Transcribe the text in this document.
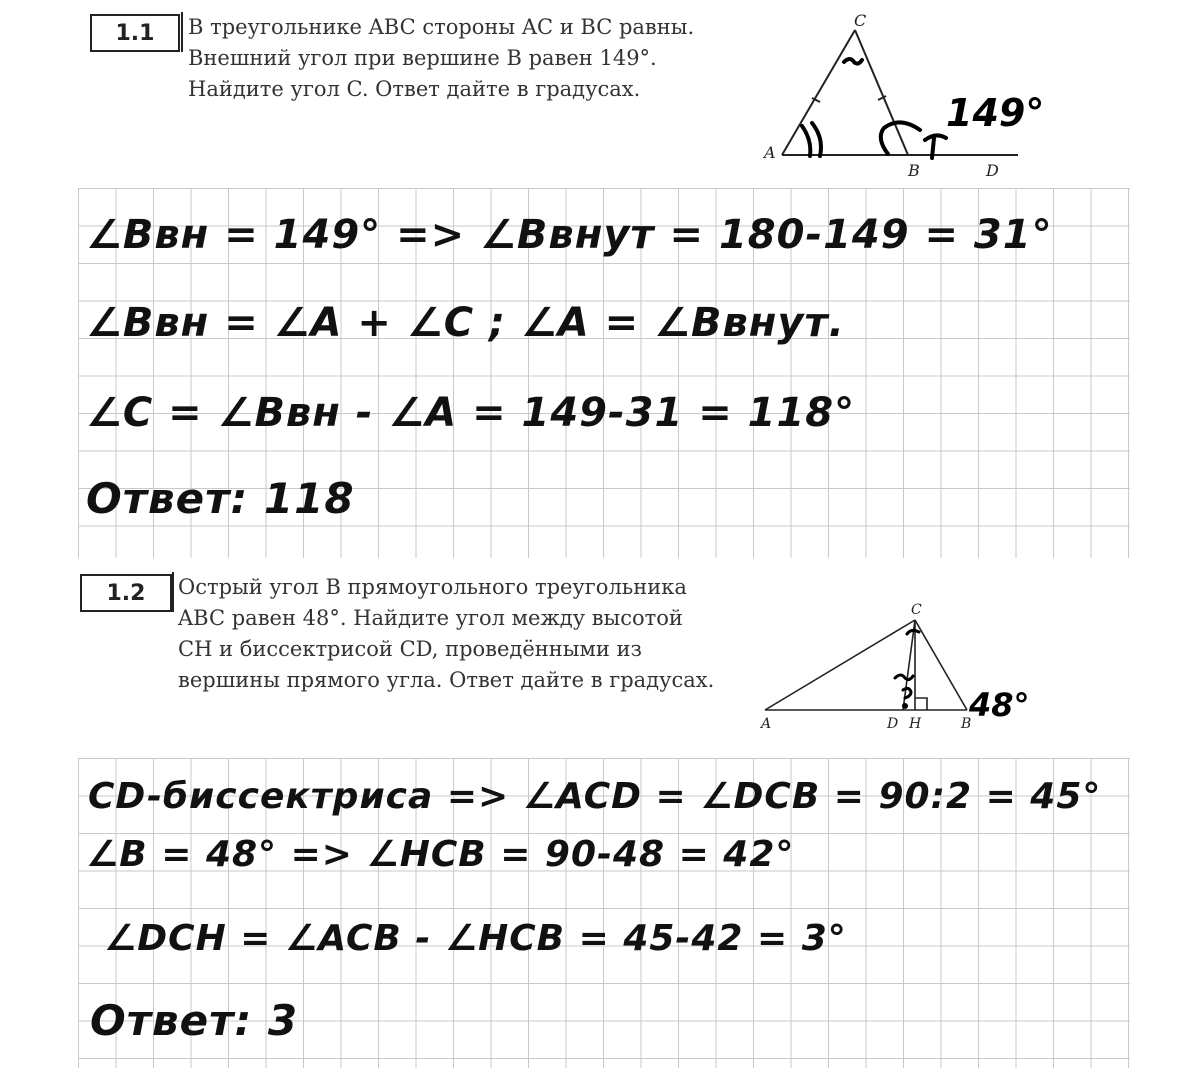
1.1	В треугольнике ABC стороны AC и BC равны.

Внешний угол при вершине B равен 149°.

Найдите угол C. Ответ дайте в градусах.

A
B
C
D
149°

∠Bвн = 149° => ∠Bвнут = 180-149 = 31°

∠Bвн = ∠A + ∠C ; ∠A = ∠Bвнут.

∠C = ∠Bвн - ∠A = 149-31 = 118°

Ответ: 118

1.2	Острый угол B прямоугольного треугольника

ABC равен 48°. Найдите угол между высотой

CH и биссектрисой CD, проведёнными из

вершины прямого угла. Ответ дайте в градусах.

A	D H	B
C
48°

CD-биссектриса => ∠ACD = ∠DCB = 90:2 = 45°

∠B = 48° => ∠HCB = 90-48 = 42°

∠DCH = ∠ACB - ∠HCB = 45-42 = 3°

Ответ: 3
